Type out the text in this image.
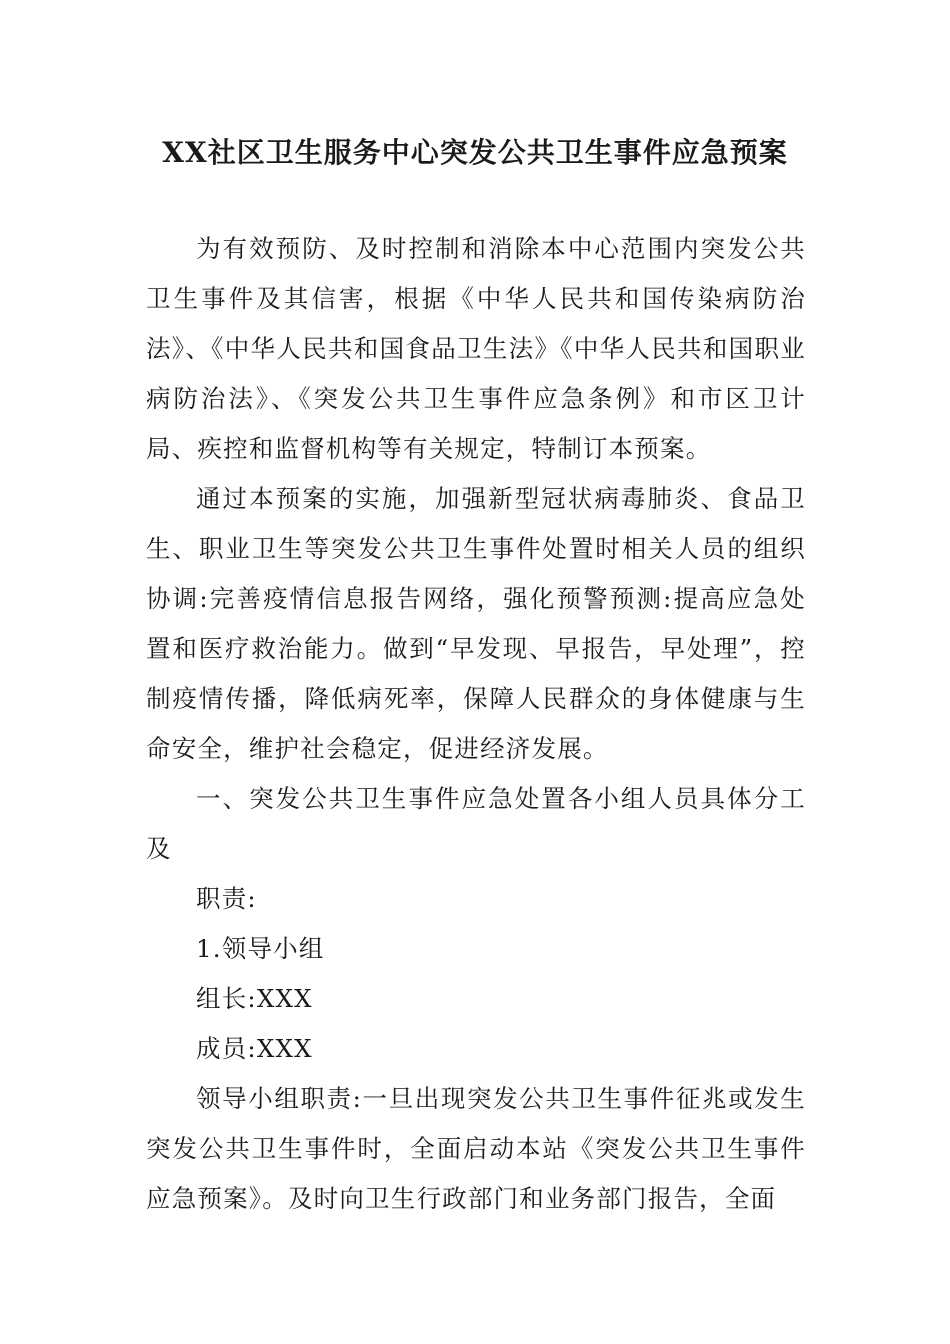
XX社区卫生服务中心突发公共卫生事件应急预案

为有效预防、及时控制和消除本中心范围内突发公共卫生事件及其信害，根据《中华人民共和国传染病防治法》、《中华人民共和国食品卫生法》《中华人民共和国职业病防治法》、《突发公共卫生事件应急条例》和市区卫计局、疾控和监督机构等有关规定，特制订本预案。

通过本预案的实施，加强新型冠状病毒肺炎、食品卫生、职业卫生等突发公共卫生事件处置时相关人员的组织协调:完善疫情信息报告网络，强化预警预测:提高应急处置和医疗救治能力。做到“早发现、早报告，早处理”，控制疫情传播，降低病死率，保障人民群众的身体健康与生命安全，维护社会稳定，促进经济发展。

一、突发公共卫生事件应急处置各小组人员具体分工及

职责:

1.领导小组

组长:XXX

成员:XXX

领导小组职责:一旦出现突发公共卫生事件征兆或发生突发公共卫生事件时，全面启动本站《突发公共卫生事件应急预案》。及时向卫生行政部门和业务部门报告，全面
